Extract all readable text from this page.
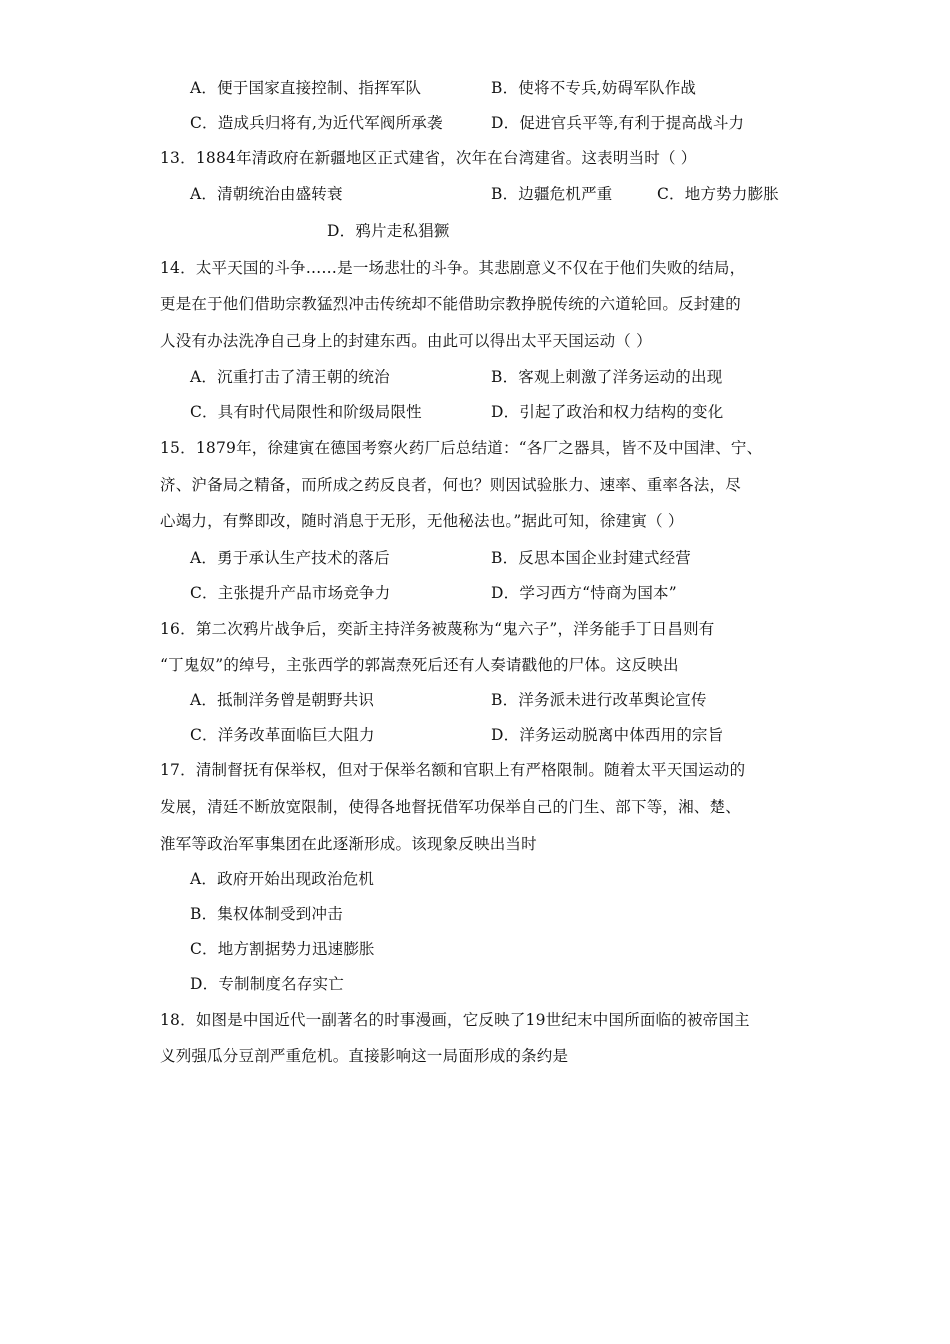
A．便于国家直接控制、指挥军队	B．使将不专兵,妨碍军队作战
C．造成兵归将有,为近代军阀所承袭	D．促进官兵平等,有利于提高战斗力
13．1884年清政府在新疆地区正式建省，次年在台湾建省。这表明当时（ ）
A．清朝统治由盛转衰	B．边疆危机严重	C．地方势力膨胀
D．鸦片走私猖獗
14．太平天国的斗争……是一场悲壮的斗争。其悲剧意义不仅在于他们失败的结局，
更是在于他们借助宗教猛烈冲击传统却不能借助宗教挣脱传统的六道轮回。反封建的
人没有办法洗净自己身上的封建东西。由此可以得出太平天国运动（ ）
A．沉重打击了清王朝的统治	B．客观上刺激了洋务运动的出现
C．具有时代局限性和阶级局限性	D．引起了政治和权力结构的变化
15．1879年，徐建寅在德国考察火药厂后总结道：“各厂之器具，皆不及中国津、宁、
济、沪备局之精备，而所成之药反良者，何也？则因试验胀力、速率、重率各法，尽
心竭力，有弊即改，随时消息于无形，无他秘法也。”据此可知，徐建寅（ ）
A．勇于承认生产技术的落后	B．反思本国企业封建式经营
C．主张提升产品市场竞争力	D．学习西方“恃商为国本”
16．第二次鸦片战争后，奕訢主持洋务被蔑称为“鬼六子”，洋务能手丁日昌则有
“丁鬼奴”的绰号，主张西学的郭嵩焘死后还有人奏请戳他的尸体。这反映出
A．抵制洋务曾是朝野共识	B．洋务派未进行改革舆论宣传
C．洋务改革面临巨大阻力	D．洋务运动脱离中体西用的宗旨
17．清制督抚有保举权，但对于保举名额和官职上有严格限制。随着太平天国运动的
发展，清廷不断放宽限制，使得各地督抚借军功保举自己的门生、部下等，湘、楚、
淮军等政治军事集团在此逐渐形成。该现象反映出当时
A．政府开始出现政治危机
B．集权体制受到冲击
C．地方割据势力迅速膨胀
D．专制制度名存实亡
18．如图是中国近代一副著名的时事漫画，它反映了19世纪末中国所面临的被帝国主
义列强瓜分豆剖严重危机。直接影响这一局面形成的条约是
